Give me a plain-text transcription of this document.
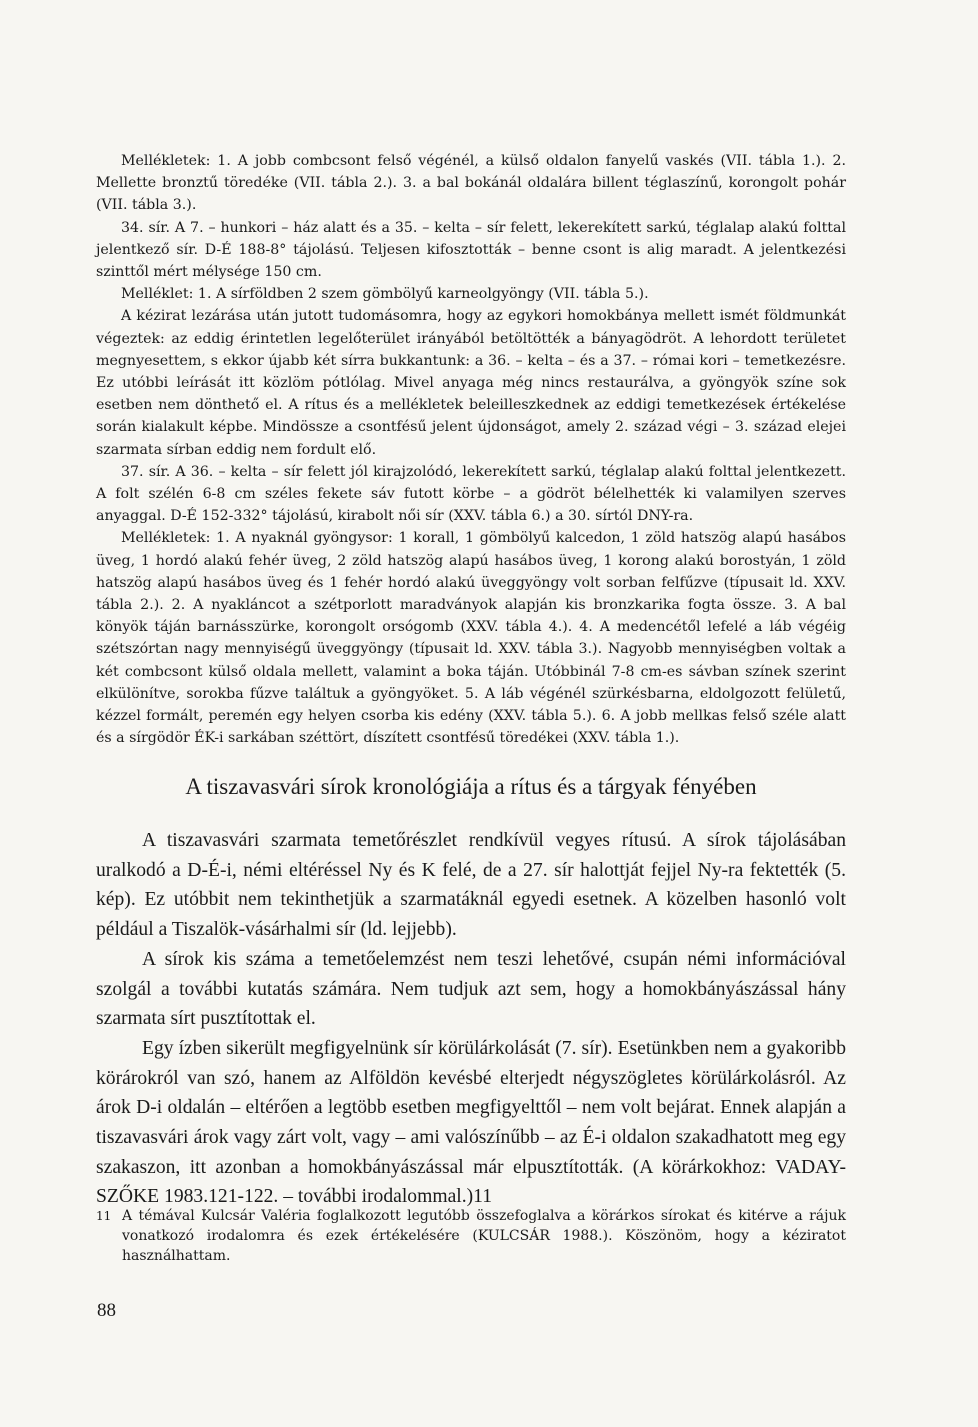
Mellékletek: 1. A jobb combcsont felső végénél, a külső oldalon fanyelű vaskés (VII. tábla 1.). 2. Mellette bronztű töredéke (VII. tábla 2.). 3. a bal bokánál oldalára billent téglaszínű, korongolt pohár (VII. tábla 3.).

34. sír. A 7. – hunkori – ház alatt és a 35. – kelta – sír felett, lekerekített sarkú, téglalap alakú folttal jelentkező sír. D-É 188-8° tájolású. Teljesen kifosztották – benne csont is alig maradt. A jelentkezési szinttől mért mélysége 150 cm.

Melléklet: 1. A sírföldben 2 szem gömbölyű karneolgyöngy (VII. tábla 5.).

A kézirat lezárása után jutott tudomásomra, hogy az egykori homokbánya mellett ismét földmunkát végeztek: az eddig érintetlen legelőterület irányából betöltötték a bányagödröt. A lehordott területet megnyesettem, s ekkor újabb két sírra bukkantunk: a 36. – kelta – és a 37. – római kori – temetkezésre. Ez utóbbi leírását itt közlöm pótlólag. Mivel anyaga még nincs restaurálva, a gyöngyök színe sok esetben nem dönthető el. A rítus és a mellékletek beleilleszkednek az eddigi temetkezések értékelése során kialakult képbe. Mindössze a csontfésű jelent újdonságot, amely 2. század végi – 3. század elejei szarmata sírban eddig nem fordult elő.

37. sír. A 36. – kelta – sír felett jól kirajzolódó, lekerekített sarkú, téglalap alakú folttal jelentkezett. A folt szélén 6-8 cm széles fekete sáv futott körbe – a gödröt bélelhették ki valamilyen szerves anyaggal. D-É 152-332° tájolású, kirabolt női sír (XXV. tábla 6.) a 30. sírtól DNY-ra.

Mellékletek: 1. A nyaknál gyöngysor: 1 korall, 1 gömbölyű kalcedon, 1 zöld hatszög alapú hasábos üveg, 1 hordó alakú fehér üveg, 2 zöld hatszög alapú hasábos üveg, 1 korong alakú borostyán, 1 zöld hatszög alapú hasábos üveg és 1 fehér hordó alakú üveggyöngy volt sorban felfűzve (típusait ld. XXV. tábla 2.). 2. A nyakláncot a szétporlott maradványok alapján kis bronzkarika fogta össze. 3. A bal könyök táján barnásszürke, korongolt orsógomb (XXV. tábla 4.). 4. A medencétől lefelé a láb végéig szétszórtan nagy mennyiségű üveggyöngy (típusait ld. XXV. tábla 3.). Nagyobb mennyiségben voltak a két combcsont külső oldala mellett, valamint a boka táján. Utóbbinál 7-8 cm-es sávban színek szerint elkülönítve, sorokba fűzve találtuk a gyöngyöket. 5. A láb végénél szürkésbarna, eldolgozott felületű, kézzel formált, peremén egy helyen csorba kis edény (XXV. tábla 5.). 6. A jobb mellkas felső széle alatt és a sírgödör ÉK-i sarkában széttört, díszített csontfésű töredékei (XXV. tábla 1.).

A tiszavasvári sírok kronológiája a rítus és a tárgyak fényében

A tiszavasvári szarmata temetőrészlet rendkívül vegyes rítusú. A sírok tájolásában uralkodó a D-É-i, némi eltéréssel Ny és K felé, de a 27. sír halottját fejjel Ny-ra fektették (5. kép). Ez utóbbit nem tekinthetjük a szarmatáknál egyedi esetnek. A közelben hasonló volt például a Tiszalök-vásárhalmi sír (ld. lejjebb).

A sírok kis száma a temetőelemzést nem teszi lehetővé, csupán némi információval szolgál a további kutatás számára. Nem tudjuk azt sem, hogy a homokbányászással hány szarmata sírt pusztítottak el.

Egy ízben sikerült megfigyelnünk sír körülárkolását (7. sír). Esetünkben nem a gyakoribb körárokról van szó, hanem az Alföldön kevésbé elterjedt négyszögletes körülárkolásról. Az árok D-i oldalán – eltérően a legtöbb esetben megfigyelttől – nem volt bejárat. Ennek alapján a tiszavasvári árok vagy zárt volt, vagy – ami valószínűbb – az É-i oldalon szakadhatott meg egy szakaszon, itt azonban a homokbányászással már elpusztították. (A körárkokhoz: VADAY-SZŐKE 1983.121-122. – további irodalommal.)11

11 A témával Kulcsár Valéria foglalkozott legutóbb összefoglalva a körárkos sírokat és kitérve a rájuk vonatkozó irodalomra és ezek értékelésére (KULCSÁR 1988.). Köszönöm, hogy a kéziratot használhattam.
88
